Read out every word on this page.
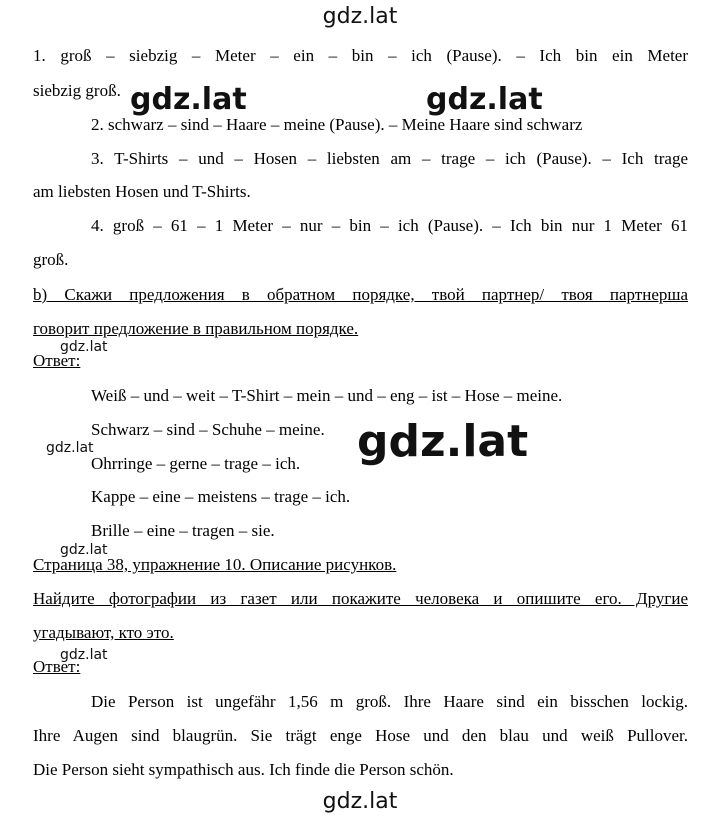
gdz.lat
1. groß – siebzig – Meter – ein – bin – ich (Pause). – Ich bin ein Meter
siebzig groß. gdz.lat	gdz.lat
2. schwarz – sind – Haare – meine (Pause). – Meine Haare sind schwarz
3. T-Shirts – und – Hosen – liebsten am – trage – ich (Pause). – Ich trage
am liebsten Hosen und T-Shirts.
4. groß – 61 – 1 Meter – nur – bin – ich (Pause). – Ich bin nur 1 Meter 61
groß.
b) Скажи предложения в обратном порядке, твой партнер/ твоя партнерша
говорит предложение в правильном порядке.
gdz.lat
Ответ:
Weiß – und – weit – T-Shirt – mein – und – eng – ist – Hose – meine.
Schwarz – sind – Schuhe – meine. gdz.lat
gdz.lat
Ohrringe – gerne – trage – ich.
Kappe – eine – meistens – trage – ich.
Brille – eine – tragen – sie.
gdz.lat
Страница 38, упражнение 10. Описание рисунков.
Найдите фотографии из газет или покажите человека и опишите его. Другие
угадывают, кто это.
gdz.lat
Ответ:
Die Person ist ungefähr 1,56 m groß. Ihre Haare sind ein bisschen lockig.
Ihre Augen sind blaugrün. Sie trägt enge Hose und den blau und weiß Pullover.
Die Person sieht sympathisch aus. Ich finde die Person schön.
gdz.lat
